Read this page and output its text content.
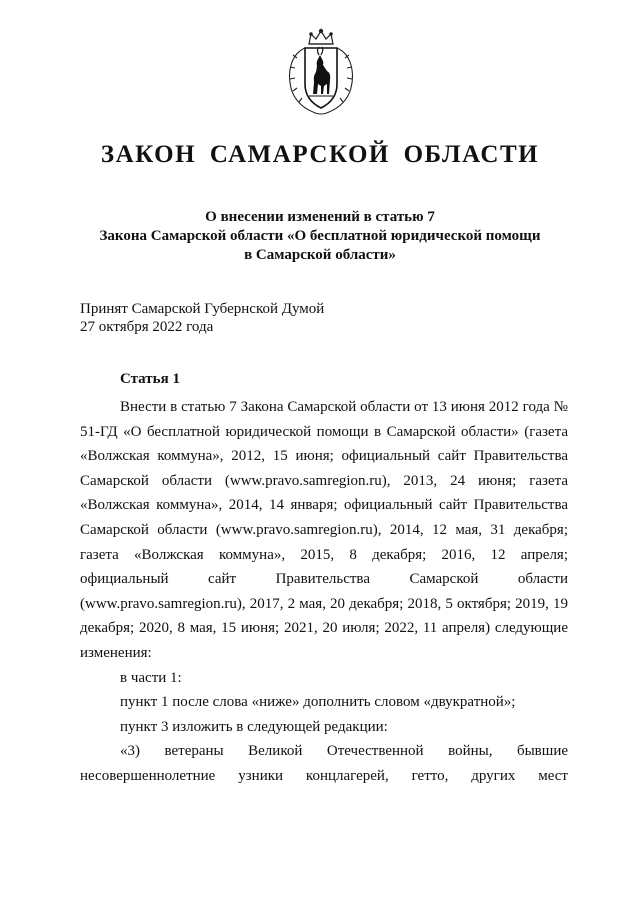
ЗАКОН САМАРСКОЙ ОБЛАСТИ
О внесении изменений в статью 7
Закона Самарской области «О бесплатной юридической помощи
в Самарской области»
Принят Самарской Губернской Думой
27 октября 2022 года
Статья 1

Внести в статью 7 Закона Самарской области от 13 июня 2012 года № 51-ГД «О бесплатной юридической помощи в Самарской области» (газета «Волжская коммуна», 2012, 15 июня; официальный сайт Правительства Самарской области (www.pravo.samregion.ru), 2013, 24 июня; газета «Волжская коммуна», 2014, 14 января; официальный сайт Правительства Самарской области (www.pravo.samregion.ru), 2014, 12 мая, 31 декабря; газета «Волжская коммуна», 2015, 8 декабря; 2016, 12 апреля; официальный сайт Правительства Самарской области (www.pravo.samregion.ru), 2017, 2 мая, 20 декабря; 2018, 5 октября; 2019, 19 декабря; 2020, 8 мая, 15 июня; 2021, 20 июля; 2022, 11 апреля) следующие изменения:

в части 1:

пункт 1 после слова «ниже» дополнить словом «двукратной»;

пункт 3 изложить в следующей редакции:

«3) ветераны Великой Отечественной войны, бывшие несовершеннолетние узники концлагерей, гетто, других мест
